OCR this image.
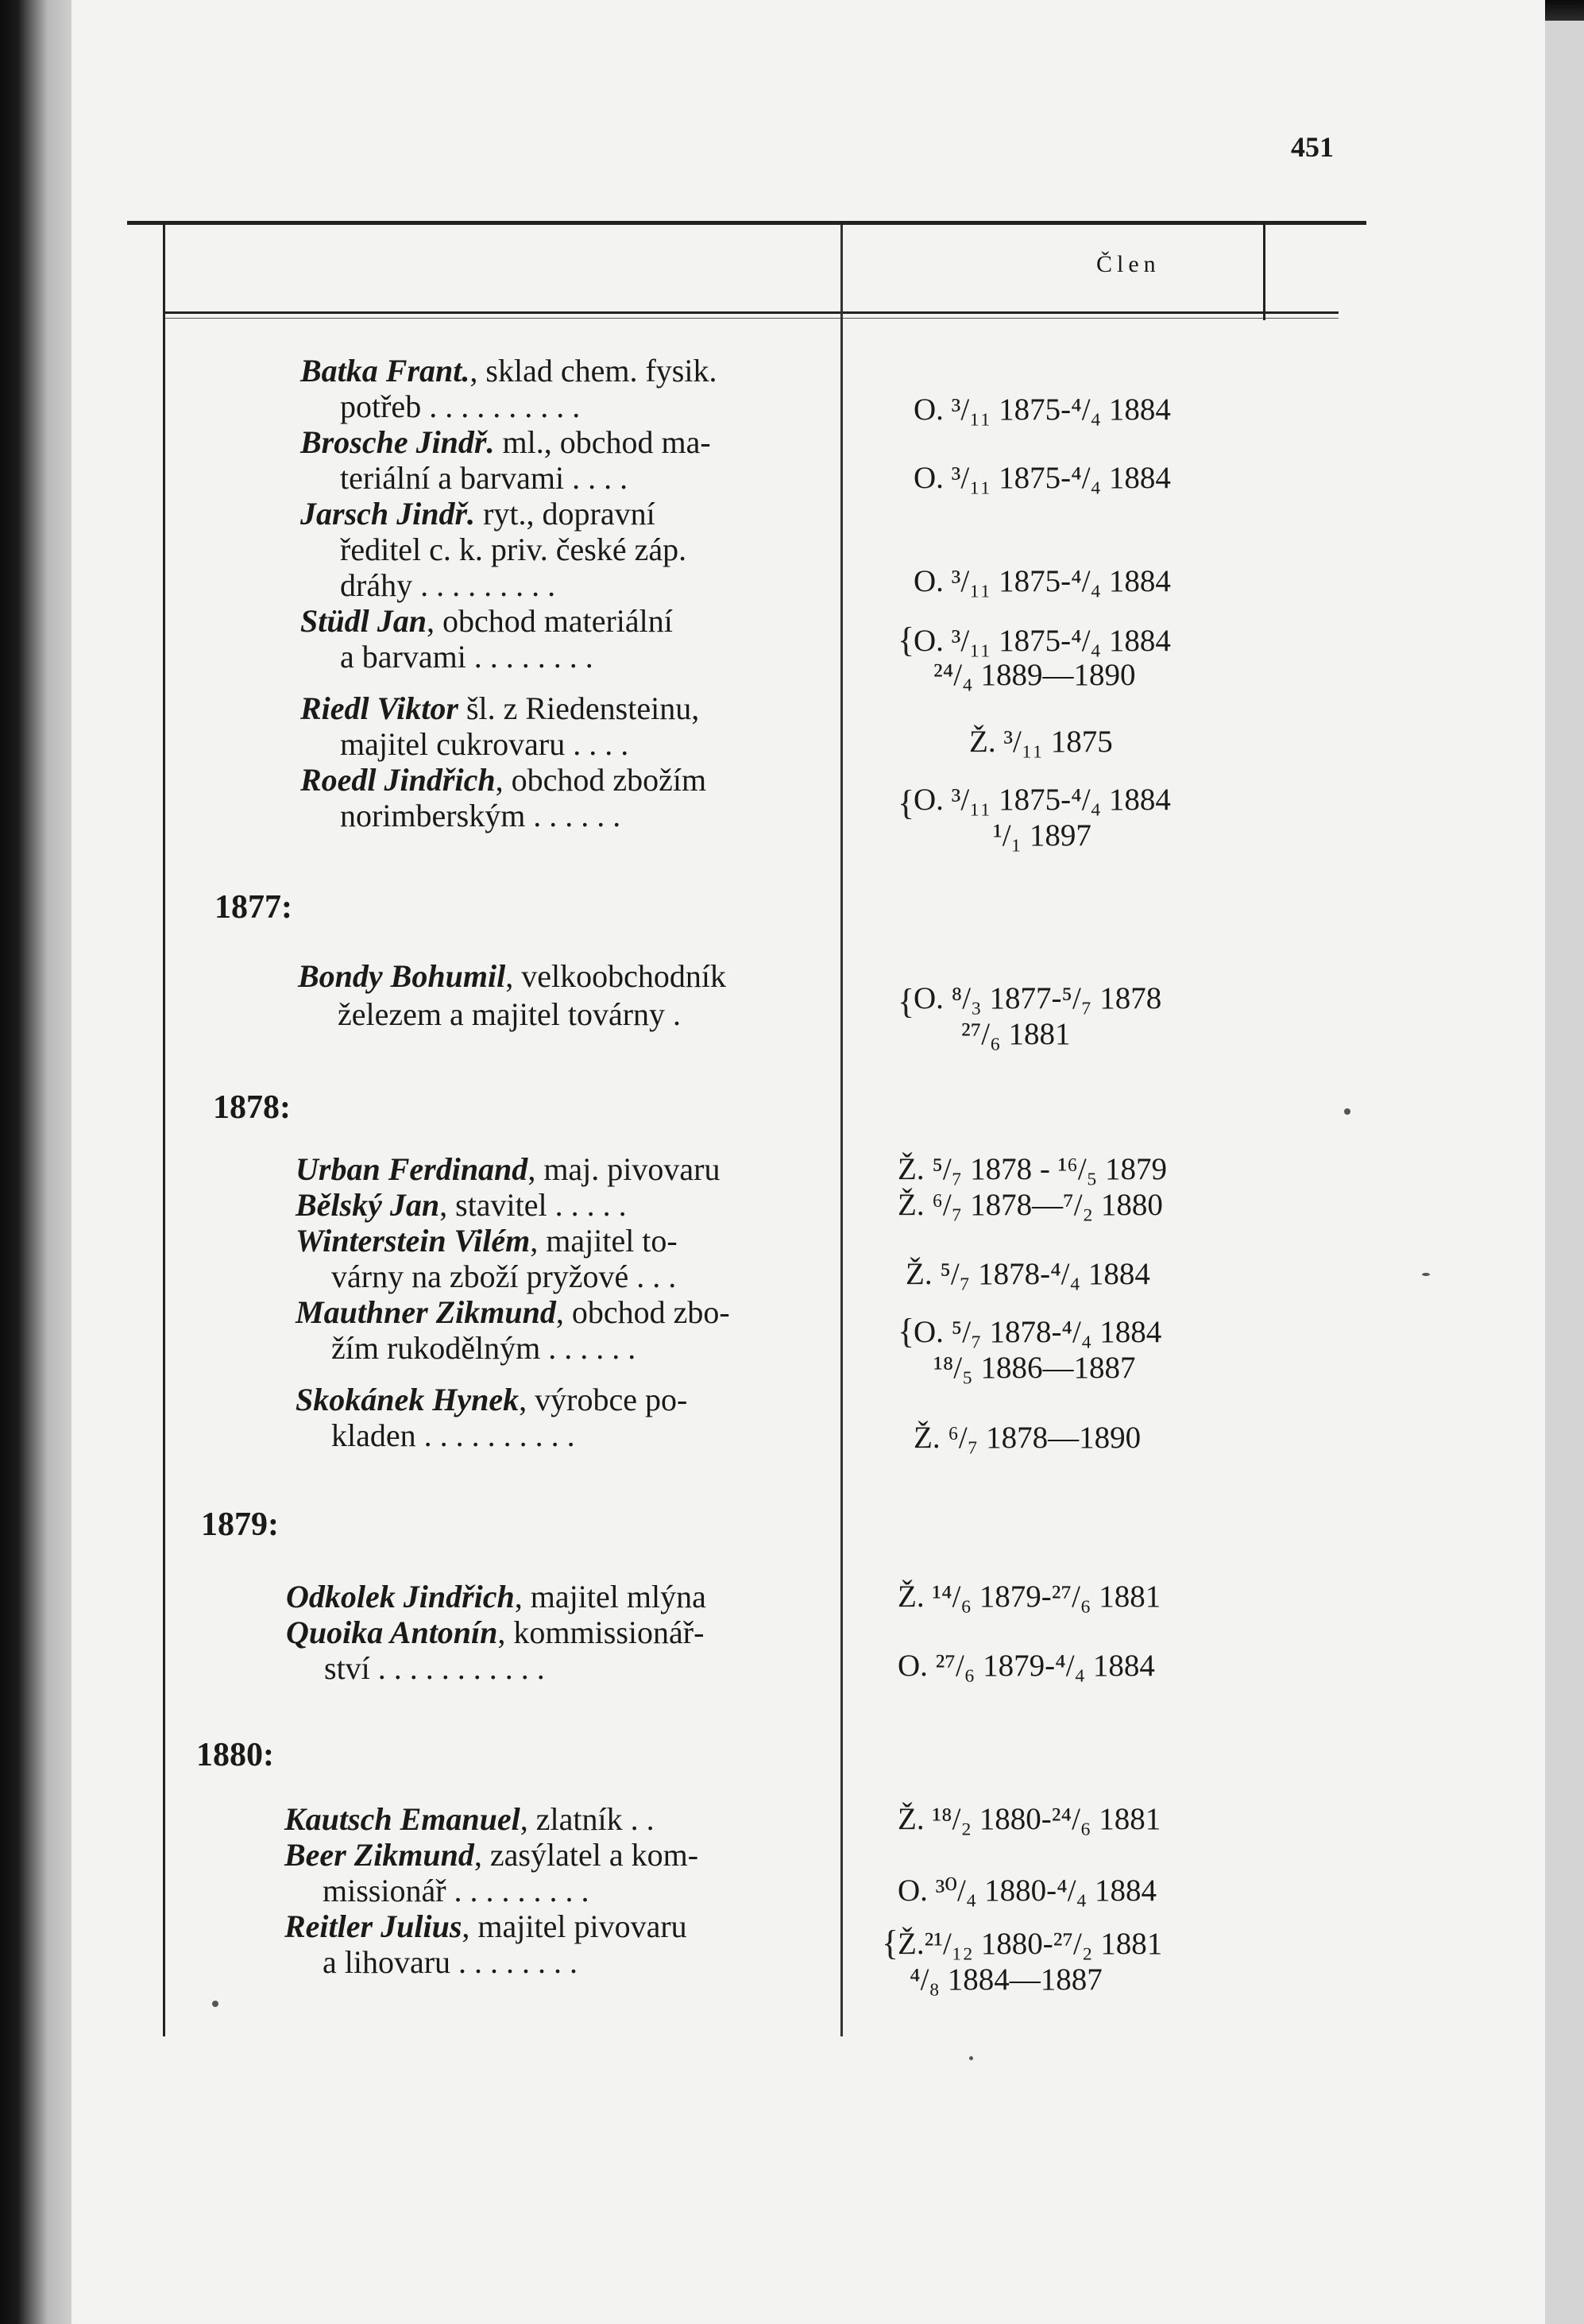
451
Člen
Batka Frant., sklad chem. fysik.
potřeb . . . . . . . . . .	O. ³/₁₁ 1875-⁴/₄ 1884
Brosche Jindř. ml., obchod ma-
teriální a barvami . . . .	O. ³/₁₁ 1875-⁴/₄ 1884
Jarsch Jindř. ryt., dopravní
ředitel c. k. priv. české záp.
dráhy . . . . . . . . .	O. ³/₁₁ 1875-⁴/₄ 1884
Stüdl Jan, obchod materiální
a barvami . . . . . . . .	{
O. ³/₁₁ 1875-⁴/₄ 1884
²⁴/₄ 1889—1890
Riedl Viktor šl. z Riedensteinu,
majitel cukrovaru . . . .	Ž. ³/₁₁ 1875
Roedl Jindřich, obchod zbožím
norimberským . . . . . .	{
O. ³/₁₁ 1875-⁴/₄ 1884
¹/₁ 1897
1877:
Bondy Bohumil, velkoobchodník
železem a majitel továrny .	{
O. ⁸/₃ 1877-⁵/₇ 1878
²⁷/₆ 1881
1878:
Urban Ferdinand, maj. pivovaru	Ž. ⁵/₇ 1878 - ¹⁶/₅ 1879
Bělský Jan, stavitel . . . . .	Ž. ⁶/₇ 1878—⁷/₂ 1880
Winterstein Vilém, majitel to-
várny na zboží pryžové . . .	Ž. ⁵/₇ 1878-⁴/₄ 1884
Mauthner Zikmund, obchod zbo-
žím rukodělným . . . . . .	{
O. ⁵/₇ 1878-⁴/₄ 1884
¹⁸/₅ 1886—1887
Skokánek Hynek, výrobce po-
kladen . . . . . . . . . .	Ž. ⁶/₇ 1878—1890
1879:
Odkolek Jindřich, majitel mlýna	Ž. ¹⁴/₆ 1879-²⁷/₆ 1881
Quoika Antonín, kommissionář-
ství . . . . . . . . . . .	O. ²⁷/₆ 1879-⁴/₄ 1884
1880:
Kautsch Emanuel, zlatník . .	Ž. ¹⁸/₂ 1880-²⁴/₆ 1881
Beer Zikmund, zasýlatel a kom-
missionář . . . . . . . . .	O. ³⁰/₄ 1880-⁴/₄ 1884
Reitler Julius, majitel pivovaru
a lihovaru . . . . . . . .	{
Ž.²¹/₁₂ 1880-²⁷/₂ 1881
⁴/₈ 1884—1887
